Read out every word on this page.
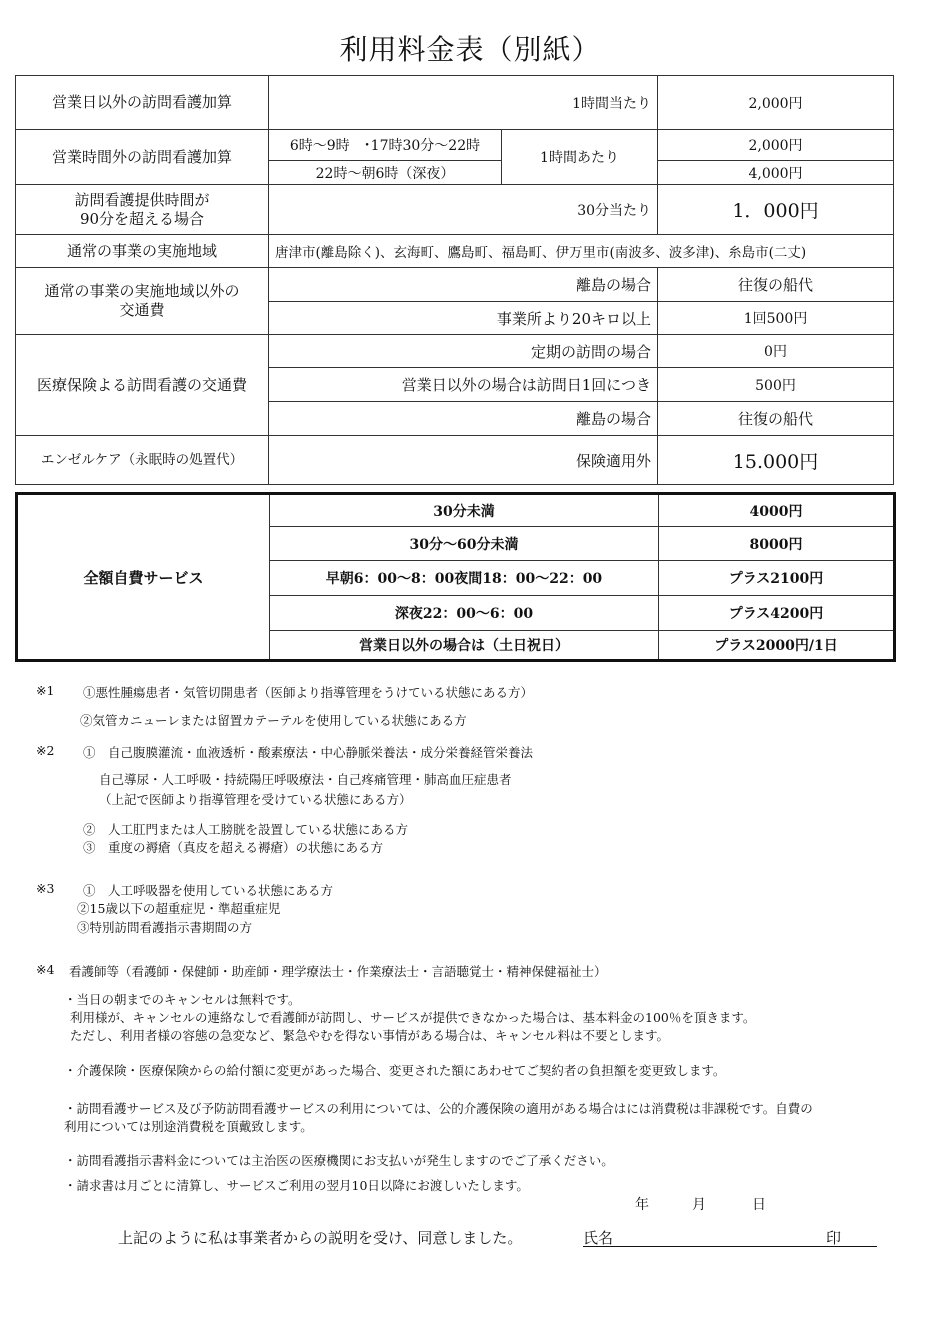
利用料金表（別紙）
営業日以外の訪問看護加算	1時間当たり		2,000円
営業時間外の訪問看護加算	6時～9時　･17時30分～22時	1時間あたり	2,000円
	22時～朝6時（深夜）		4,000円
訪問看護提供時間が
90分を超える場合	30分当たり		1．000円
通常の事業の実施地域	唐津市(離島除く)、玄海町、鷹島町、福島町、伊万里市(南波多、波多津)、糸島市(二丈)		
通常の事業の実施地域以外の
交通費	離島の場合		往復の船代
	事業所より20キロ以上		1回500円
医療保険よる訪問看護の交通費	定期の訪問の場合		0円
	営業日以外の場合は訪問日1回につき		500円
	離島の場合		往復の船代
エンゼルケア（永眠時の処置代）	保険適用外		15.000円
全額自費サービス	30分未満	4000円
	30分～60分未満	8000円
	早朝6：00～8：00夜間18：00～22：00	プラス2100円
	深夜22：00～6：00	プラス4200円
	営業日以外の場合は（土日祝日）	プラス2000円/1日
※1 ①悪性腫瘍患者・気管切開患者（医師より指導管理をうけている状態にある方）
②気管カニューレまたは留置カテーテルを使用している状態にある方
※2 ①　自己腹膜灌流・血液透析・酸素療法・中心静脈栄養法・成分栄養経管栄養法
自己導尿・人工呼吸・持続陽圧呼吸療法・自己疼痛管理・肺高血圧症患者
（上記で医師より指導管理を受けている状態にある方）
②　人工肛門または人工膀胱を設置している状態にある方
③　重度の褥瘡（真皮を超える褥瘡）の状態にある方
※3 ①　人工呼吸器を使用している状態にある方
②15歳以下の超重症児・準超重症児
③特別訪問看護指示書期間の方
※4 看護師等（看護師・保健師・助産師・理学療法士・作業療法士・言語聴覚士・精神保健福祉士）
・当日の朝までのキャンセルは無料です。
利用様が、キャンセルの連絡なしで看護師が訪問し、サービスが提供できなかった場合は、基本料金の100％を頂きます。
ただし、利用者様の容態の急変など、緊急やむを得ない事情がある場合は、キャンセル料は不要とします。
・介護保険・医療保険からの給付額に変更があった場合、変更された額にあわせてご契約者の負担額を変更致します。
・訪問看護サービス及び予防訪問看護サービスの利用については、公的介護保険の適用がある場合はには消費税は非課税です。自費の
利用については別途消費税を頂戴致します。
・訪問看護指示書料金については主治医の医療機関にお支払いが発生しますのでご了承ください。
・請求書は月ごとに清算し、サービスご利用の翌月10日以降にお渡しいたします。
年	月	日
上記のように私は事業者からの説明を受け、同意しました。	氏名	印
